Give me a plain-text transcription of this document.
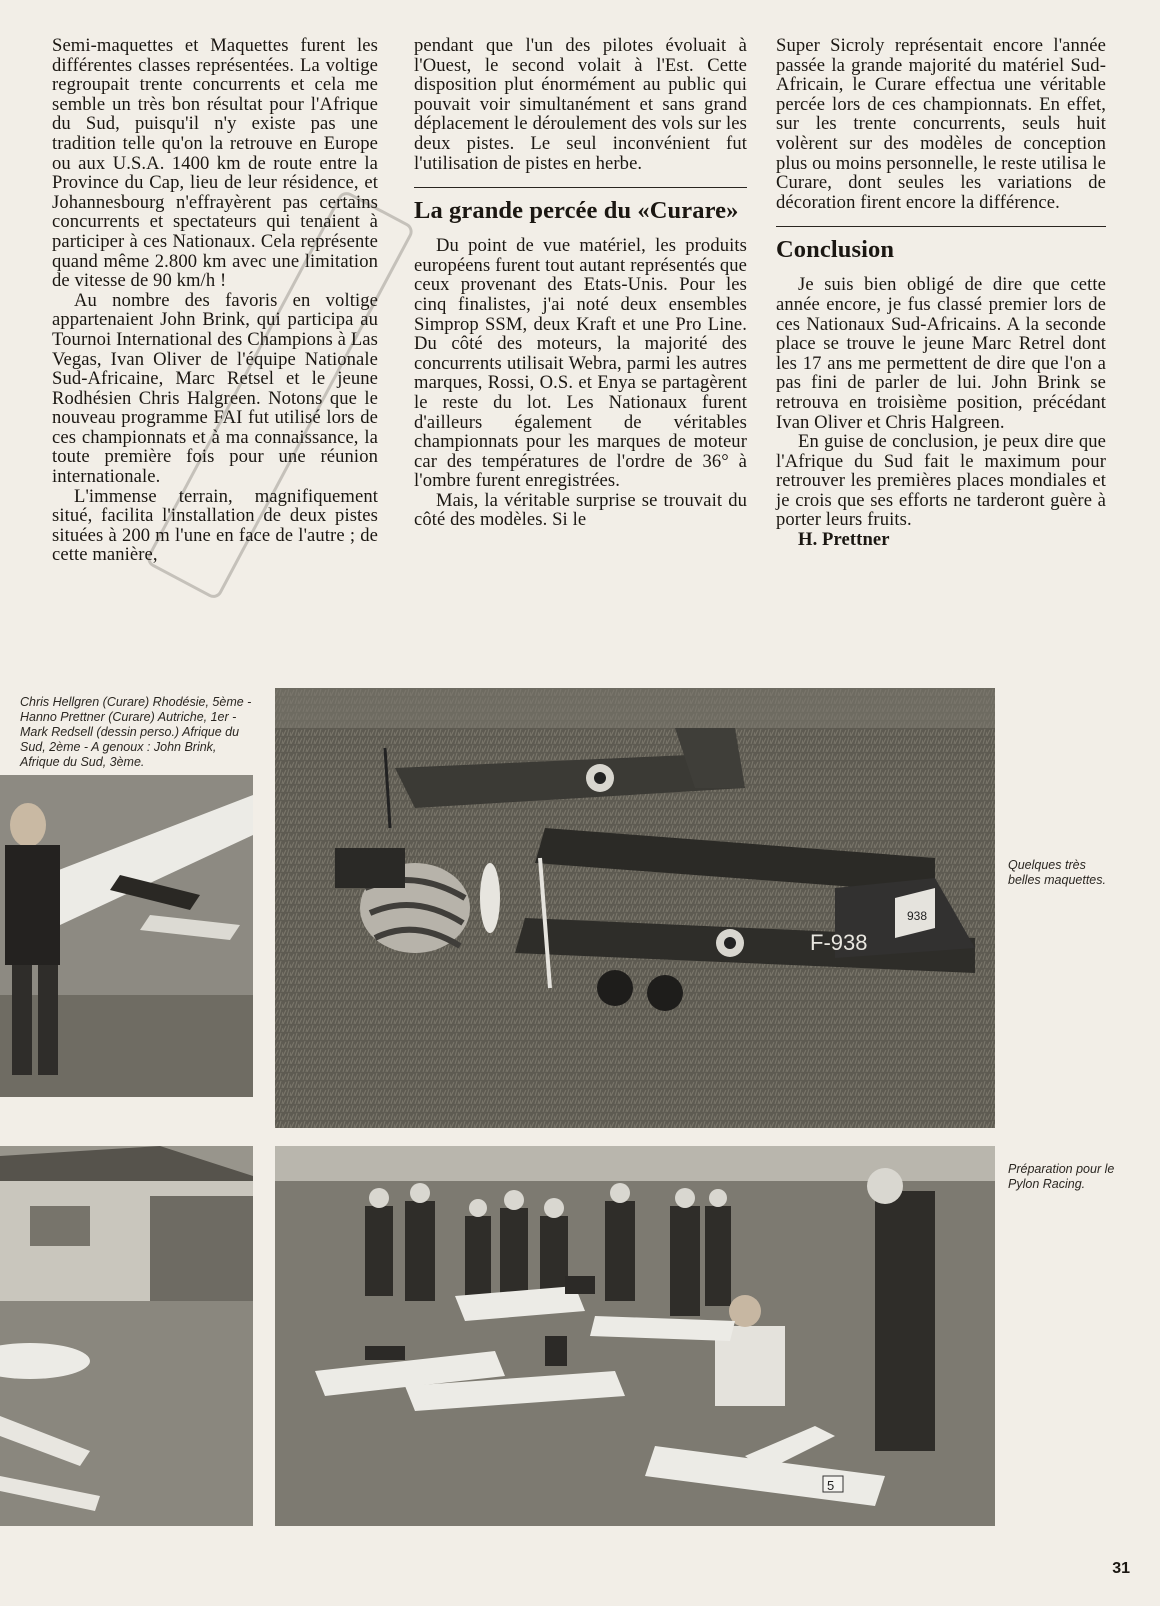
Semi-maquettes et Maquettes furent les différentes classes représentées. La voltige regroupait trente concurrents et cela me semble un très bon résultat pour l'Afrique du Sud, puisqu'il n'y existe pas une tradition telle qu'on la retrouve en Europe ou aux U.S.A. 1400 km de route entre la Province du Cap, lieu de leur résidence, et Johannesbourg n'effrayèrent pas certains concurrents et spectateurs qui tenaient à participer à ces Nationaux. Cela représente quand même 2.800 km avec une limitation de vitesse de 90 km/h !

Au nombre des favoris en voltige appartenaient John Brink, qui participa au Tournoi International des Champions à Las Vegas, Ivan Oliver de l'équipe Nationale Sud-Africaine, Marc Retsel et le jeune Rodhésien Chris Halgreen. Notons que le nouveau programme FAI fut utilisé lors de ces championnats et à ma connaissance, la toute première fois pour une réunion internationale.

L'immense terrain, magnifiquement situé, facilita l'installation de deux pistes situées à 200 m l'une en face de l'autre ; de cette manière,

pendant que l'un des pilotes évoluait à l'Ouest, le second volait à l'Est. Cette disposition plut énormément au public qui pouvait voir simultanément et sans grand déplacement le déroulement des vols sur les deux pistes. Le seul inconvénient fut l'utilisation de pistes en herbe.

La grande percée du «Curare»

Du point de vue matériel, les produits européens furent tout autant représentés que ceux provenant des Etats-Unis. Pour les cinq finalistes, j'ai noté deux ensembles Simprop SSM, deux Kraft et une Pro Line. Du côté des moteurs, la majorité des concurrents utilisait Webra, parmi les autres marques, Rossi, O.S. et Enya se partagèrent le reste du lot. Les Nationaux furent d'ailleurs également de véritables championnats pour les marques de moteur car des températures de l'ordre de 36° à l'ombre furent enregistrées.

Mais, la véritable surprise se trouvait du côté des modèles. Si le

Super Sicroly représentait encore l'année passée la grande majorité du matériel Sud-Africain, le Curare effectua une véritable percée lors de ces championnats. En effet, sur les trente concurrents, seuls huit volèrent sur des modèles de conception plus ou moins personnelle, le reste utilisa le Curare, dont seules les variations de décoration firent encore la différence.

Conclusion

Je suis bien obligé de dire que cette année encore, je fus classé premier lors de ces Nationaux Sud-Africains. A la seconde place se trouve le jeune Marc Retrel dont les 17 ans me permettent de dire que l'on a pas fini de parler de lui. John Brink se retrouva en troisième position, précédant Ivan Oliver et Chris Halgreen.

En guise de conclusion, je peux dire que l'Afrique du Sud fait le maximum pour retrouver les premières places mondiales et je crois que ses efforts ne tarderont guère à porter leurs fruits.

H. Prettner

Chris Hellgren (Curare) Rhodésie, 5ème - Hanno Prettner (Curare) Autriche, 1er - Mark Redsell (dessin perso.) Afrique du Sud, 2ème - A genoux : John Brink, Afrique du Sud, 3ème.
F-938
938
Quelques très belles maquettes.
5
Préparation pour le Pylon Racing.
31
